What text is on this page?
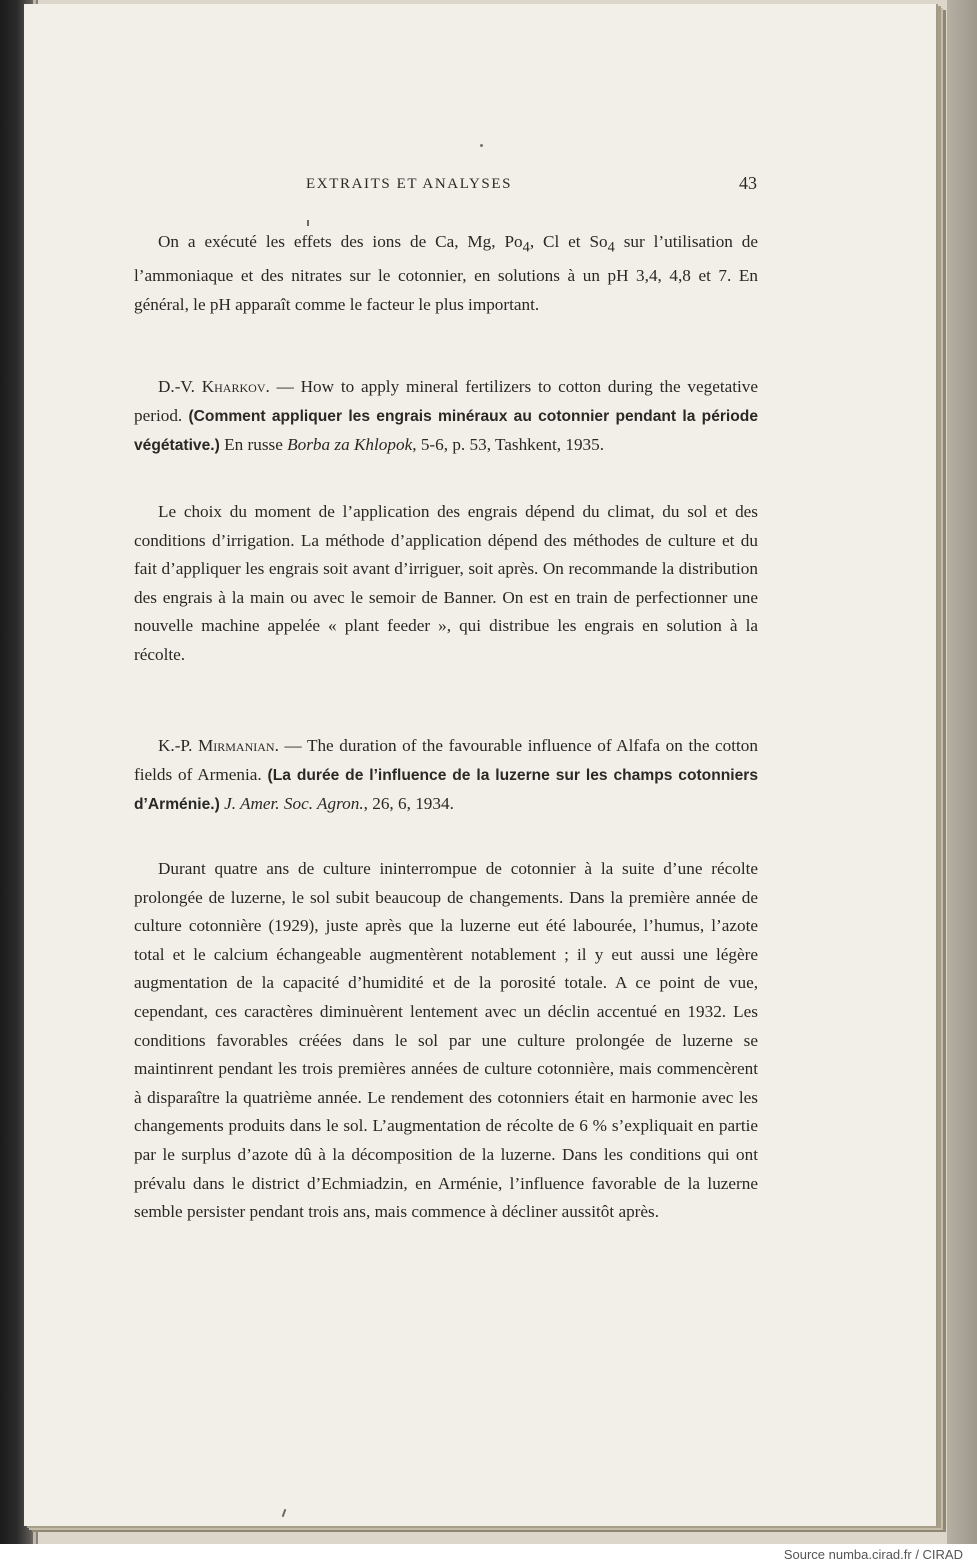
EXTRAITS ET ANALYSES	43

On a exécuté les effets des ions de Ca, Mg, $Po_4$, Cl et $So_4$ sur l’utilisation de l’ammoniaque et des nitrates sur le cotonnier, en solutions à un pH 3,4, 4,8 et 7. En général, le pH apparaît comme le facteur le plus important.

D.-V. Kharkov. — How to apply mineral fertilizers to cotton during the vegetative period. (Comment appliquer les engrais minéraux au cotonnier pendant la période végétative.) En russe Borba za Khlopok, 5-6, p. 53, Tashkent, 1935.

Le choix du moment de l’application des engrais dépend du climat, du sol et des conditions d’irrigation. La méthode d’application dépend des méthodes de culture et du fait d’appliquer les engrais soit avant d’irriguer, soit après. On recommande la distribution des engrais à la main ou avec le semoir de Banner. On est en train de perfectionner une nouvelle machine appelée « plant feeder », qui distribue les engrais en solution à la récolte.

K.-P. Mirmanian. — The duration of the favourable influence of Alfafa on the cotton fields of Armenia. (La durée de l’influence de la luzerne sur les champs cotonniers d’Arménie.) J. Amer. Soc. Agron., 26, 6, 1934.

Durant quatre ans de culture ininterrompue de cotonnier à la suite d’une récolte prolongée de luzerne, le sol subit beaucoup de changements. Dans la première année de culture cotonnière (1929), juste après que la luzerne eut été labourée, l’humus, l’azote total et le calcium échangeable augmentèrent notablement ; il y eut aussi une légère augmentation de la capacité d’humidité et de la porosité totale. A ce point de vue, cependant, ces caractères diminuèrent lentement avec un déclin accentué en 1932. Les conditions favorables créées dans le sol par une culture prolongée de luzerne se maintinrent pendant les trois premières années de culture cotonnière, mais commencèrent à disparaître la quatrième année. Le rendement des cotonniers était en harmonie avec les changements produits dans le sol. L’augmentation de récolte de 6 % s’expliquait en partie par le surplus d’azote dû à la décomposition de la luzerne. Dans les conditions qui ont prévalu dans le district d’Echmiadzin, en Arménie, l’influence favorable de la luzerne semble persister pendant trois ans, mais commence à décliner aussitôt après.

Source numba.cirad.fr / CIRAD
